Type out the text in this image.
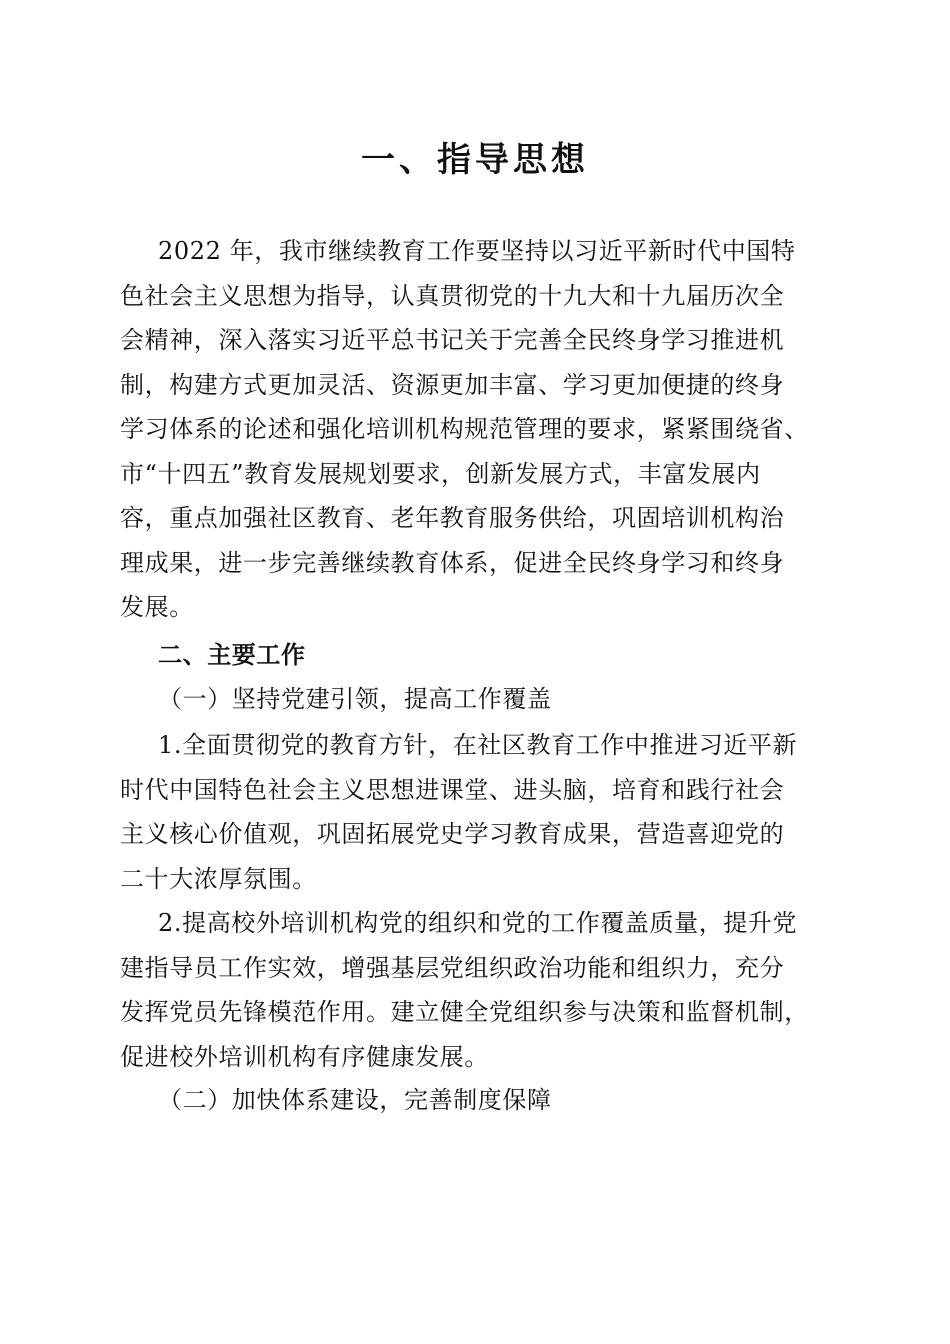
一、指导思想
2022 年，我市继续教育工作要坚持以习近平新时代中国特
色社会主义思想为指导，认真贯彻党的十九大和十九届历次全
会精神，深入落实习近平总书记关于完善全民终身学习推进机
制，构建方式更加灵活、资源更加丰富、学习更加便捷的终身
学习体系的论述和强化培训机构规范管理的要求，紧紧围绕省、
市“十四五”教育发展规划要求，创新发展方式，丰富发展内
容，重点加强社区教育、老年教育服务供给，巩固培训机构治
理成果，进一步完善继续教育体系，促进全民终身学习和终身
发展。
二、主要工作
（一）坚持党建引领，提高工作覆盖
1.全面贯彻党的教育方针，在社区教育工作中推进习近平新
时代中国特色社会主义思想进课堂、进头脑，培育和践行社会
主义核心价值观，巩固拓展党史学习教育成果，营造喜迎党的
二十大浓厚氛围。
2.提高校外培训机构党的组织和党的工作覆盖质量，提升党
建指导员工作实效，增强基层党组织政治功能和组织力，充分
发挥党员先锋模范作用。建立健全党组织参与决策和监督机制，
促进校外培训机构有序健康发展。
（二）加快体系建设，完善制度保障
